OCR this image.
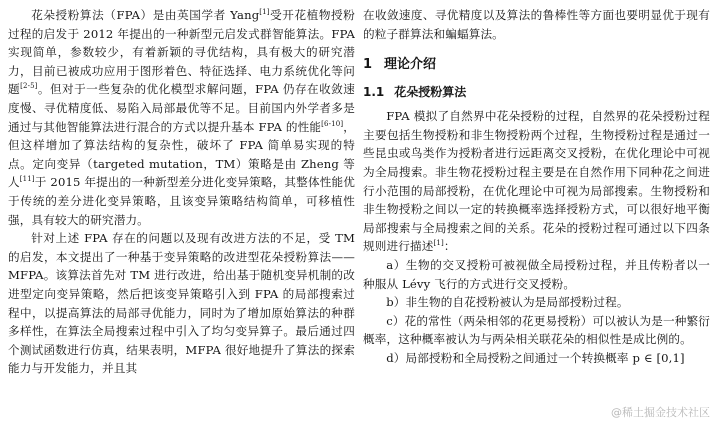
花朵授粉算法（FPA）是由英国学者 Yang[1]受开花植物授粉过程的启发于 2012 年提出的一种新型元启发式群智能算法。FPA 实现简单，参数较少，有着新颖的寻优结构，具有极大的研究潜力，目前已被成功应用于图形着色、特征选择、电力系统优化等问题[2-5]。但对于一些复杂的优化模型求解问题，FPA 仍存在收敛速度慢、寻优精度低、易陷入局部最优等不足。目前国内外学者多是通过与其他智能算法进行混合的方式以提升基本 FPA 的性能[6-10]，但这样增加了算法结构的复杂性，破坏了 FPA 简单易实现的特点。定向变异（targeted mutation，TM）策略是由 Zheng 等人[11]于 2015 年提出的一种新型差分进化变异策略，其整体性能优于传统的差分进化变异策略，且该变异策略结构简单，可移植性强，具有较大的研究潜力。

针对上述 FPA 存在的问题以及现有改进方法的不足，受 TM 的启发，本文提出了一种基于变异策略的改进型花朵授粉算法——MFPA。该算法首先对 TM 进行改进，给出基于随机变异机制的改进型定向变异策略，然后把该变异策略引入到 FPA 的局部搜索过程中，以提高算法的局部寻优能力，同时为了增加原始算法的种群多样性，在算法全局搜索过程中引入了均匀变异算子。最后通过四个测试函数进行仿真，结果表明，MFPA 很好地提升了算法的探索能力与开发能力，并且其

在收敛速度、寻优精度以及算法的鲁棒性等方面也要明显优于现有的粒子群算法和蝙蝠算法。

1 理论介绍
1.1 花朵授粉算法

FPA 模拟了自然界中花朵授粉的过程，自然界的花朵授粉过程主要包括生物授粉和非生物授粉两个过程，生物授粉过程是通过一些昆虫或鸟类作为授粉者进行远距离交叉授粉，在优化理论中可视为全局搜索。非生物花授粉过程主要是在自然作用下同种花之间进行小范围的局部授粉，在优化理论中可视为局部搜索。生物授粉和非生物授粉之间以一定的转换概率选择授粉方式，可以很好地平衡局部搜索与全局搜索之间的关系。花朵的授粉过程可通过以下四条规则进行描述[1]：

a）生物的交叉授粉可被视做全局授粉过程，并且传粉者以一种服从 Lévy 飞行的方式进行交叉授粉。

b）非生物的自花授粉被认为是局部授粉过程。

c）花的常性（两朵相邻的花更易授粉）可以被认为是一种繁衍概率，这种概率被认为与两朵相关联花朵的相似性是成比例的。

d）局部授粉和全局授粉之间通过一个转换概率 p ∈ [0,1]

@稀土掘金技术社区
